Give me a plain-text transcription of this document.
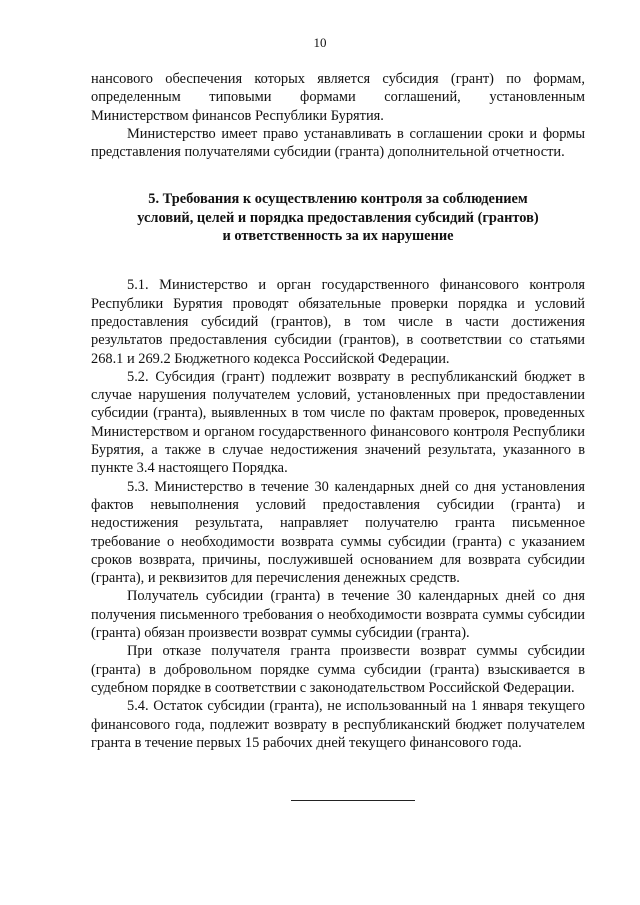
10

нансового обеспечения которых является субсидия (грант) по формам, определенным типовыми формами соглашений, установленным Министерством финансов Республики Бурятия.

Министерство имеет право устанавливать в соглашении сроки и формы представления получателями субсидии (гранта) дополнительной отчетности.

5. Требования к осуществлению контроля за соблюдением
условий, целей и порядка предоставления субсидий (грантов)
и ответственность за их нарушение

5.1. Министерство и орган государственного финансового контроля Республики Бурятия проводят обязательные проверки порядка и условий предоставления субсидий (грантов), в том числе в части достижения результатов предоставления субсидии (грантов), в соответствии со статьями 268.1 и 269.2 Бюджетного кодекса Российской Федерации.

5.2. Субсидия (грант) подлежит возврату в республиканский бюджет в случае нарушения получателем условий, установленных при предоставлении субсидии (гранта), выявленных в том числе по фактам проверок, проведенных Министерством и органом государственного финансового контроля Республики Бурятия, а также в случае недостижения значений результата, указанного в пункте 3.4 настоящего Порядка.

5.3. Министерство в течение 30 календарных дней со дня установления фактов невыполнения условий предоставления субсидии (гранта) и недостижения результата, направляет получателю гранта письменное требование о необходимости возврата суммы субсидии (гранта) с указанием сроков возврата, причины, послужившей основанием для возврата субсидии (гранта), и реквизитов для перечисления денежных средств.

Получатель субсидии (гранта) в течение 30 календарных дней со дня получения письменного требования о необходимости возврата суммы субсидии (гранта) обязан произвести возврат суммы субсидии (гранта).

При отказе получателя гранта произвести возврат суммы субсидии (гранта) в добровольном порядке сумма субсидии (гранта) взыскивается в судебном порядке в соответствии с законодательством Российской Федерации.

5.4. Остаток субсидии (гранта), не использованный на 1 января текущего финансового года, подлежит возврату в республиканский бюджет получателем гранта в течение первых 15 рабочих дней текущего финансового года.
